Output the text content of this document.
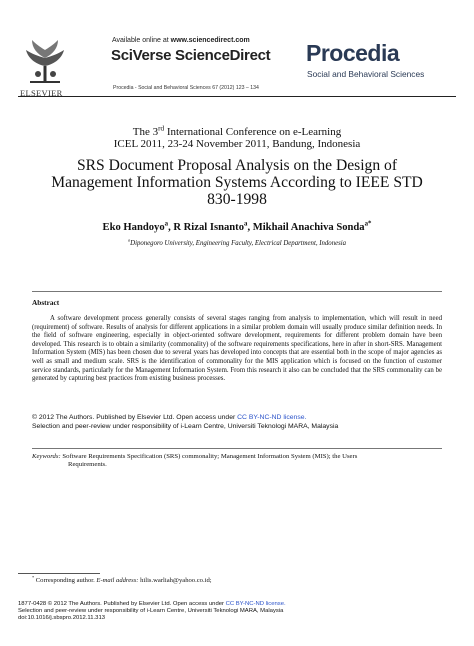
ELSEVIER
Available online at www.sciencedirect.com
SciVerse ScienceDirect
Procedia - Social and Behavioral Sciences 67 (2012) 123 – 134
Procedia
Social and Behavioral Sciences
The 3rd International Conference on e-Learning
ICEL 2011, 23-24 November 2011, Bandung, Indonesia
SRS Document Proposal Analysis on the Design of Management Information Systems According to IEEE STD 830-1998
Eko Handoyo$^a$, R Rizal Isnanto$^a$, Mikhail Anachiva Sonda$^{a*}$
$^a$Diponegoro University, Engineering Faculty, Electrical Department, Indonesia
Abstract

A software development process generally consists of several stages ranging from analysis to implementation, which will result in need (requirement) of software. Results of analysis for different applications in a similar problem domain will usually produce similar definition needs. In the field of software engineering, especially in object-oriented software development, requirements for different problem domain have been developed. This research is to obtain a similarity (commonality) of the software requirements specifications, here in after in short-SRS. Management Information System (MIS) has been chosen due to several years has developed into concepts that are essential both in the scope of major agencies as well as small and medium scale. SRS is the identification of commonality for the MIS application which is focused on the function of customer service standards, particularly for the Management Information System. From this research it also can be concluded that the SRS commonality can be generated by capturing best practices from existing business processes.

© 2012 The Authors. Published by Elsevier Ltd. Open access under CC BY-NC-ND license.
Selection and peer-review under responsibility of i-Learn Centre, Universiti Teknologi MARA, Malaysia
Keywords: Software Requirements Specification (SRS) commonality; Management Information System (MIS); the Users
Requirements.
* Corresponding author. E-mail address: hilis.warliah@yahoo.co.id;
1877-0428 © 2012 The Authors. Published by Elsevier Ltd. Open access under CC BY-NC-ND license.
Selection and peer-review under responsibility of i-Learn Centre, Universiti Teknologi MARA, Malaysia
doi:10.1016/j.sbspro.2012.11.313
